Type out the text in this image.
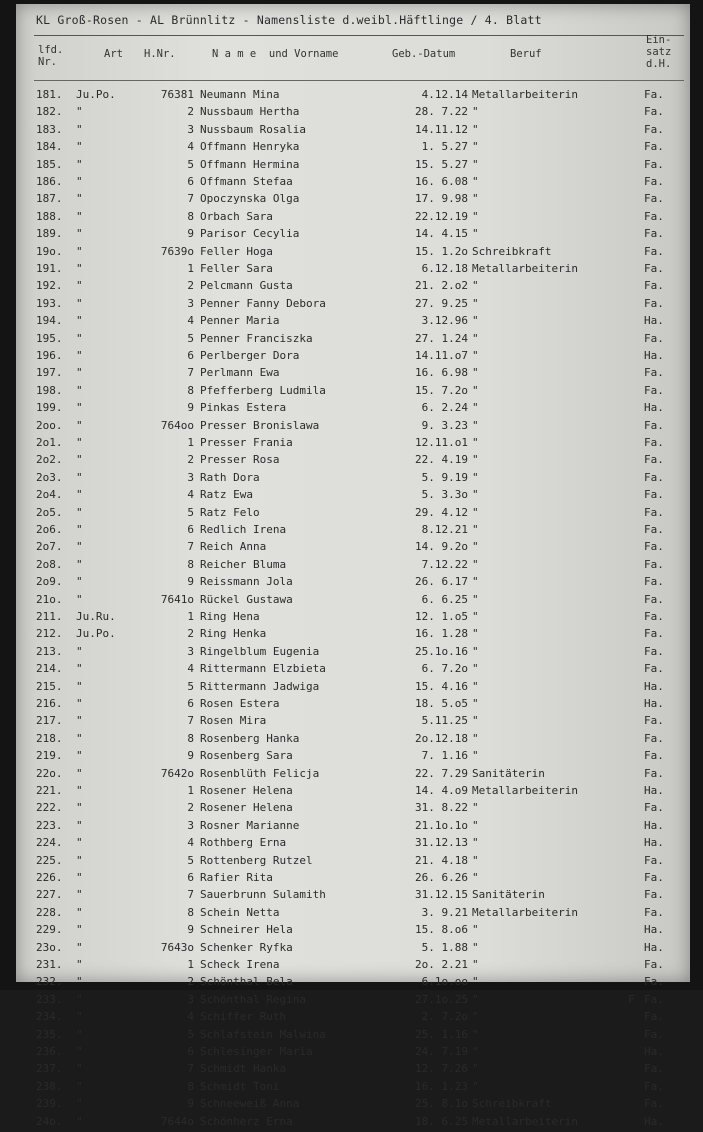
KL Groß-Rosen - AL Brünnlitz - Namensliste d.weibl.Häftlinge / 4. Blatt
lfd.
Nr.
Art H.Nr.	N a m e  und Vorname	Geb.-Datum	Beruf
Ein-
satz
d.H.
181. Ju.Po.	76381 Neumann Mina	4.12.14 Metallarbeiterin	Fa.
182. "	2 Nussbaum Hertha	28. 7.22 "	Fa.
183. "	3 Nussbaum Rosalia	14.11.12 "	Fa.
184. "	4 Offmann Henryka	1. 5.27 "	Fa.
185. "	5 Offmann Hermina	15. 5.27 "	Fa.
186. "	6 Offmann Stefaa	16. 6.08 "	Fa.
187. "	7 Opoczynska Olga	17. 9.98 "	Fa.
188. "	8 Orbach Sara	22.12.19 "	Fa.
189. "	9 Parisor Cecylia	14. 4.15 "	Fa.
19o. "	7639o Feller Hoga	15. 1.2o Schreibkraft	Fa.
191. "	1 Feller Sara	6.12.18 Metallarbeiterin	Fa.
192. "	2 Pelcmann Gusta	21. 2.o2 "	Fa.
193. "	3 Penner Fanny Debora	27. 9.25 "	Fa.
194. "	4 Penner Maria	3.12.96 "	Ha.
195. "	5 Penner Franciszka	27. 1.24 "	Fa.
196. "	6 Perlberger Dora	14.11.o7 "	Ha.
197. "	7 Perlmann Ewa	16. 6.98 "	Fa.
198. "	8 Pfefferberg Ludmila	15. 7.2o "	Fa.
199. "	9 Pinkas Estera	6. 2.24 "	Ha.
2oo. "	764oo Presser Bronislawa	9. 3.23 "	Fa.
2o1. "	1 Presser Frania	12.11.o1 "	Fa.
2o2. "	2 Presser Rosa	22. 4.19 "	Fa.
2o3. "	3 Rath Dora	5. 9.19 "	Fa.
2o4. "	4 Ratz Ewa	5. 3.3o "	Fa.
2o5. "	5 Ratz Felo	29. 4.12 "	Fa.
2o6. "	6 Redlich Irena	8.12.21 "	Fa.
2o7. "	7 Reich Anna	14. 9.2o "	Fa.
2o8. "	8 Reicher Bluma	7.12.22 "	Fa.
2o9. "	9 Reissmann Jola	26. 6.17 "	Fa.
21o. "	7641o Rückel Gustawa	6. 6.25 "	Fa.
211. Ju.Ru.	1 Ring Hena	12. 1.o5 "	Fa.
212. Ju.Po.	2 Ring Henka	16. 1.28 "	Fa.
213. "	3 Ringelblum Eugenia	25.1o.16 "	Fa.
214. "	4 Rittermann Elzbieta	6. 7.2o "	Fa.
215. "	5 Rittermann Jadwiga	15. 4.16 "	Ha.
216. "	6 Rosen Estera	18. 5.o5 "	Ha.
217. "	7 Rosen Mira	5.11.25 "	Fa.
218. "	8 Rosenberg Hanka	2o.12.18 "	Fa.
219. "	9 Rosenberg Sara	7. 1.16 "	Fa.
22o. "	7642o Rosenblüth Felicja	22. 7.29 Sanitäterin	Fa.
221. "	1 Rosener Helena	14. 4.o9 Metallarbeiterin	Ha.
222. "	2 Rosener Helena	31. 8.22 "	Fa.
223. "	3 Rosner Marianne	21.1o.1o "	Ha.
224. "	4 Rothberg Erna	31.12.13 "	Ha.
225. "	5 Rottenberg Rutzel	21. 4.18 "	Fa.
226. "	6 Rafier Rita	26. 6.26 "	Fa.
227. "	7 Sauerbrunn Sulamith	31.12.15 Sanitäterin	Fa.
228. "	8 Schein Netta	3. 9.21 Metallarbeiterin	Fa.
229. "	9 Schneirer Hela	15. 8.o6 "	Ha.
23o. "	7643o Schenker Ryfka	5. 1.88 "	Ha.
231. "	1 Scheck Irena	2o. 2.21 "	Fa.
232. "	2 Schönthal Bela	6.1o.oo "	Fa.
233. "	3 Schönthal Regina	27.1o.25 "	F Fa.
234. "	4 Schiffer Ruth	2. 7.2o "	Fa.
235. "	5 Schlafstein Malwina	25. 1.16 "	Fa.
236. "	6 Schlesinger Maria	24. 7.19 "	Ha.
237. "	7 Schmidt Hanka	12. 7.26 "	Fa.
238. "	8 Schmidt Toni	16. 1.23 "	Fa.
239. "	9 Schneeweiß Anna	25. 8.1o Schreibkraft	Fa.
24o. "	7644o Schönherz Erna	18. 6.25 Metallarbeiterin	Ha.
